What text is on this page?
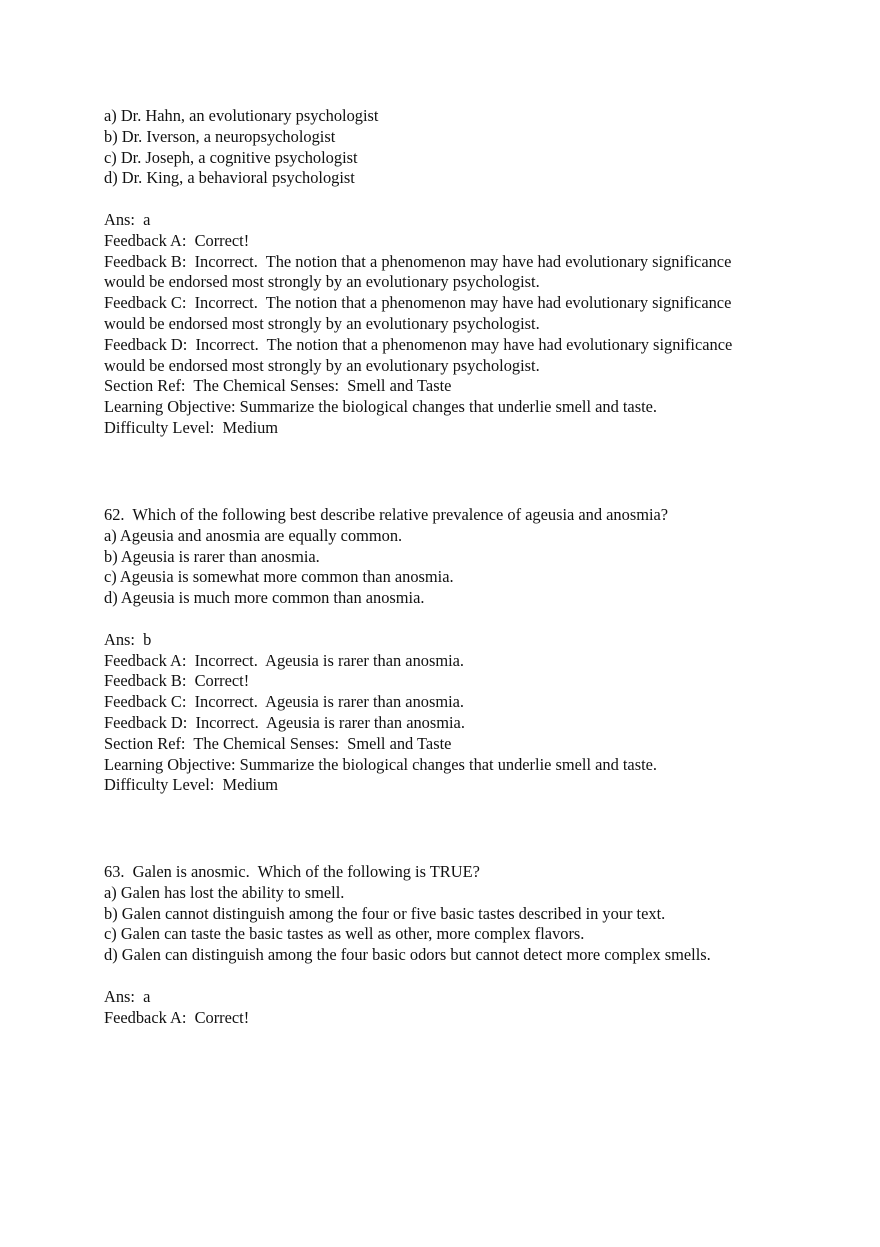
a) Dr. Hahn, an evolutionary psychologist
b) Dr. Iverson, a neuropsychologist
c) Dr. Joseph, a cognitive psychologist
d) Dr. King, a behavioral psychologist
Ans:  a
Feedback A:  Correct!
Feedback B:  Incorrect.  The notion that a phenomenon may have had evolutionary significance
would be endorsed most strongly by an evolutionary psychologist.
Feedback C:  Incorrect.  The notion that a phenomenon may have had evolutionary significance
would be endorsed most strongly by an evolutionary psychologist.
Feedback D:  Incorrect.  The notion that a phenomenon may have had evolutionary significance
would be endorsed most strongly by an evolutionary psychologist.
Section Ref:  The Chemical Senses:  Smell and Taste
Learning Objective: Summarize the biological changes that underlie smell and taste.
Difficulty Level:  Medium
62.  Which of the following best describe relative prevalence of ageusia and anosmia?
a) Ageusia and anosmia are equally common.
b) Ageusia is rarer than anosmia.
c) Ageusia is somewhat more common than anosmia.
d) Ageusia is much more common than anosmia.
Ans:  b
Feedback A:  Incorrect.  Ageusia is rarer than anosmia.
Feedback B:  Correct!
Feedback C:  Incorrect.  Ageusia is rarer than anosmia.
Feedback D:  Incorrect.  Ageusia is rarer than anosmia.
Section Ref:  The Chemical Senses:  Smell and Taste
Learning Objective: Summarize the biological changes that underlie smell and taste.
Difficulty Level:  Medium
63.  Galen is anosmic.  Which of the following is TRUE?
a) Galen has lost the ability to smell.
b) Galen cannot distinguish among the four or five basic tastes described in your text.
c) Galen can taste the basic tastes as well as other, more complex flavors.
d) Galen can distinguish among the four basic odors but cannot detect more complex smells.
Ans:  a
Feedback A:  Correct!
